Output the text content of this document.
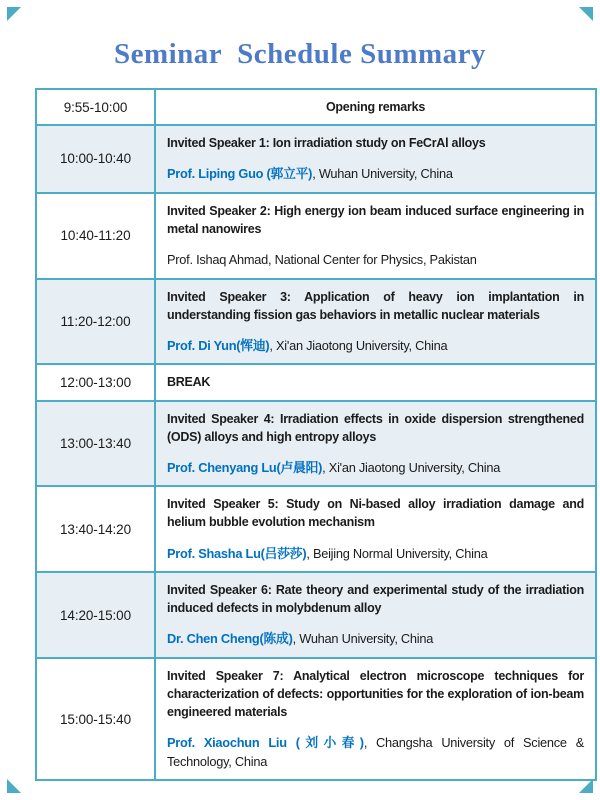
Seminar  Schedule Summary
9:55-10:00	Opening remarks

10:00-10:40	Invited Speaker 1: Ion irradiation study on FeCrAl alloys

Prof. Liping Guo (郭立平), Wuhan University, China

10:40-11:20	Invited Speaker 2: High energy ion beam induced surface engineering in metal nanowires

Prof. Ishaq Ahmad, National Center for Physics, Pakistan

11:20-12:00	Invited Speaker 3: Application of heavy ion implantation in understanding fission gas behaviors in metallic nuclear materials

Prof. Di Yun(恽迪), Xi'an Jiaotong University, China

12:00-13:00	BREAK

13:00-13:40	Invited Speaker 4: Irradiation effects in oxide dispersion strengthened (ODS) alloys and high entropy alloys

Prof. Chenyang Lu(卢晨阳), Xi'an Jiaotong University, China

13:40-14:20	Invited Speaker 5: Study on Ni-based alloy irradiation damage and helium bubble evolution mechanism

Prof. Shasha Lu(吕莎莎), Beijing Normal University, China

14:20-15:00	Invited Speaker 6: Rate theory and experimental study of the irradiation induced defects in molybdenum alloy

Dr. Chen Cheng(陈成), Wuhan University, China

15:00-15:40	Invited Speaker 7: Analytical electron microscope techniques for characterization of defects: opportunities for the exploration of ion-beam engineered materials

Prof. Xiaochun Liu (刘小春), Changsha University of Science & Technology, China
